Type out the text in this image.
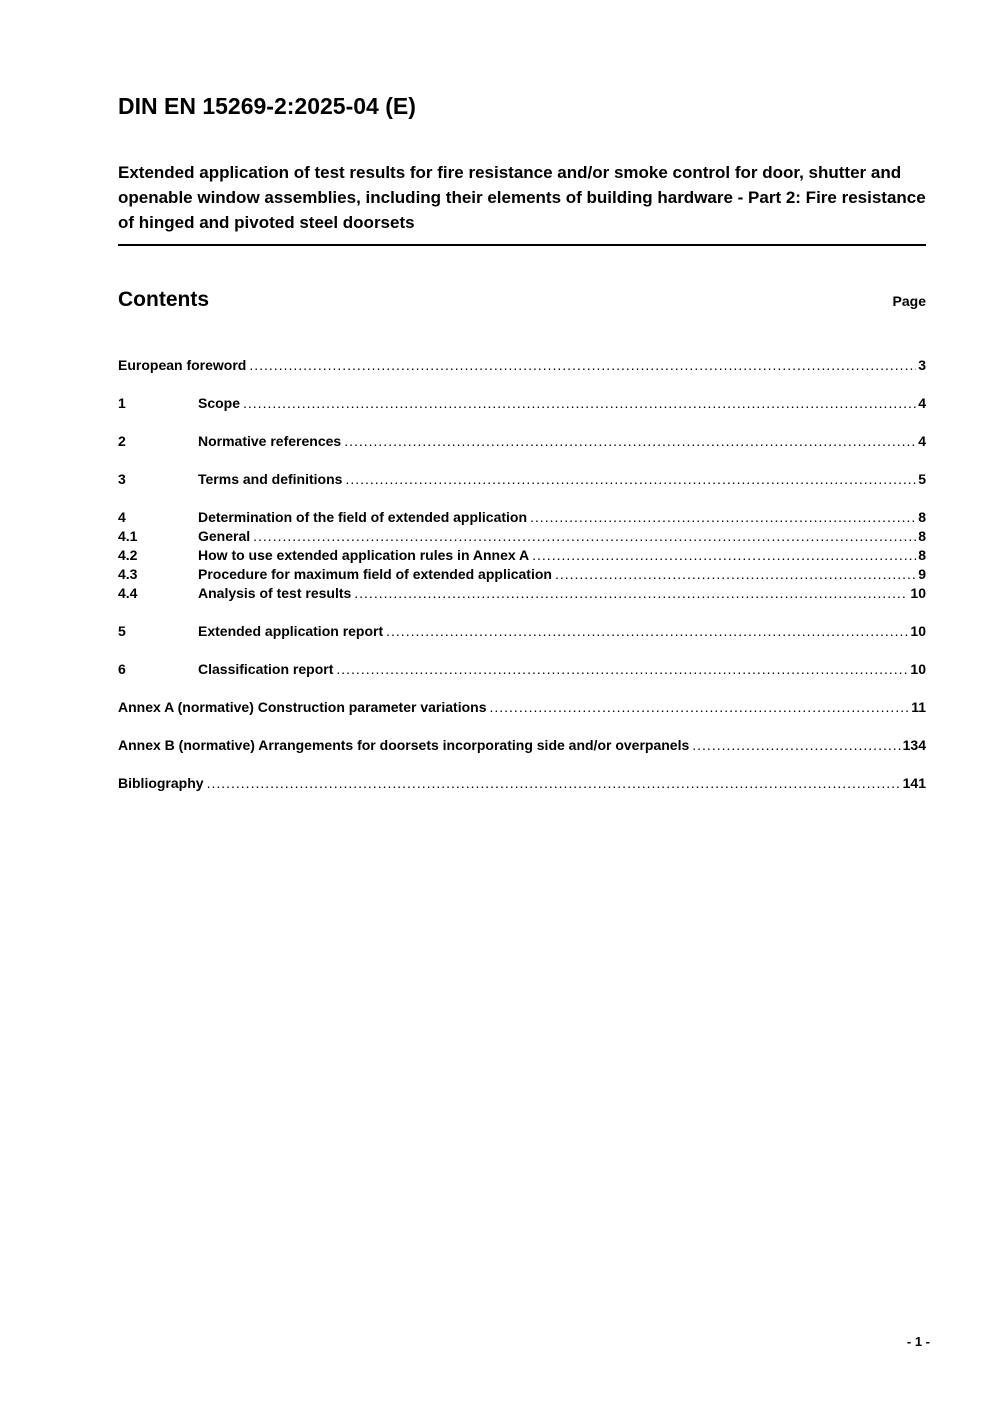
DIN EN 15269-2:2025-04 (E)
Extended application of test results for fire resistance and/or smoke control for door, shutter and openable window assemblies, including their elements of building hardware - Part 2: Fire resistance of hinged and pivoted steel doorsets
Contents	Page
European foreword .....	3
1	Scope .....	4
2	Normative references .....	4
3	Terms and definitions .....	5
4	Determination of the field of extended application .....	8
4.1	General .....	8
4.2	How to use extended application rules in Annex A .....	8
4.3	Procedure for maximum field of extended application .....	9
4.4	Analysis of test results .....	10
5	Extended application report .....	10
6	Classification report .....	10
Annex A (normative) Construction parameter variations .....	11
Annex B (normative) Arrangements for doorsets incorporating side and/or overpanels .....	134
Bibliography .....	141
- 1 -
